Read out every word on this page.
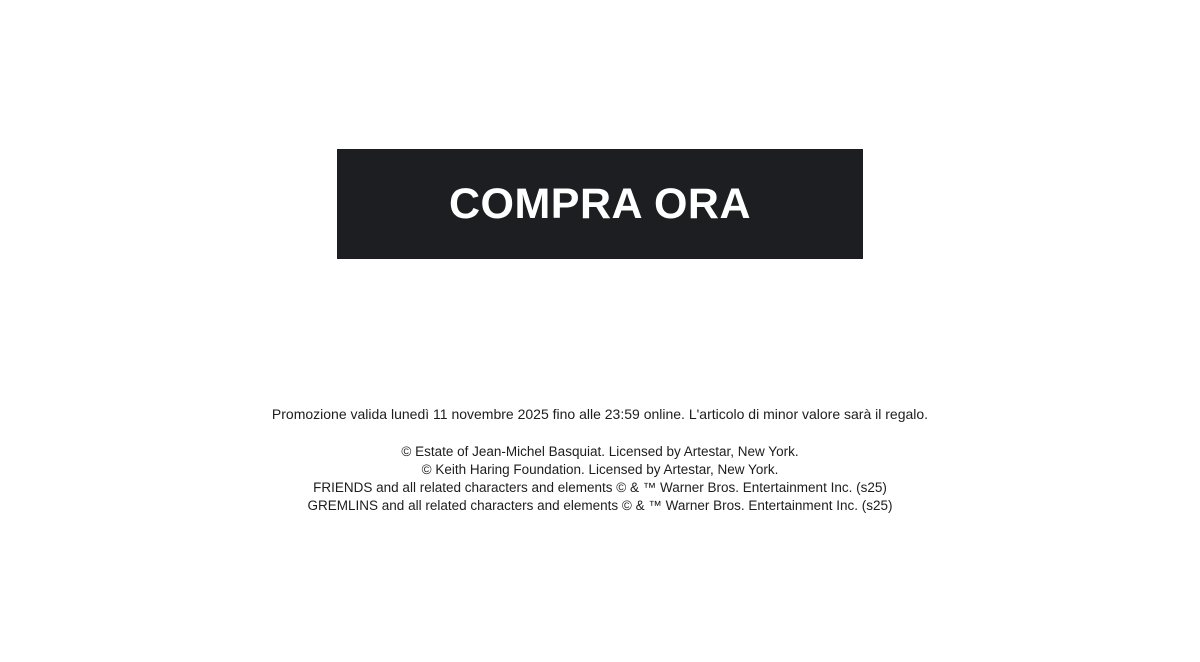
COMPRA ORA

Promozione valida lunedì 11 novembre 2025 fino alle 23:59 online. L'articolo di minor valore sarà il regalo.

© Estate of Jean-Michel Basquiat. Licensed by Artestar, New York.
© Keith Haring Foundation. Licensed by Artestar, New York.
FRIENDS and all related characters and elements © & ™ Warner Bros. Entertainment Inc. (s25)
GREMLINS and all related characters and elements © & ™ Warner Bros. Entertainment Inc. (s25)
